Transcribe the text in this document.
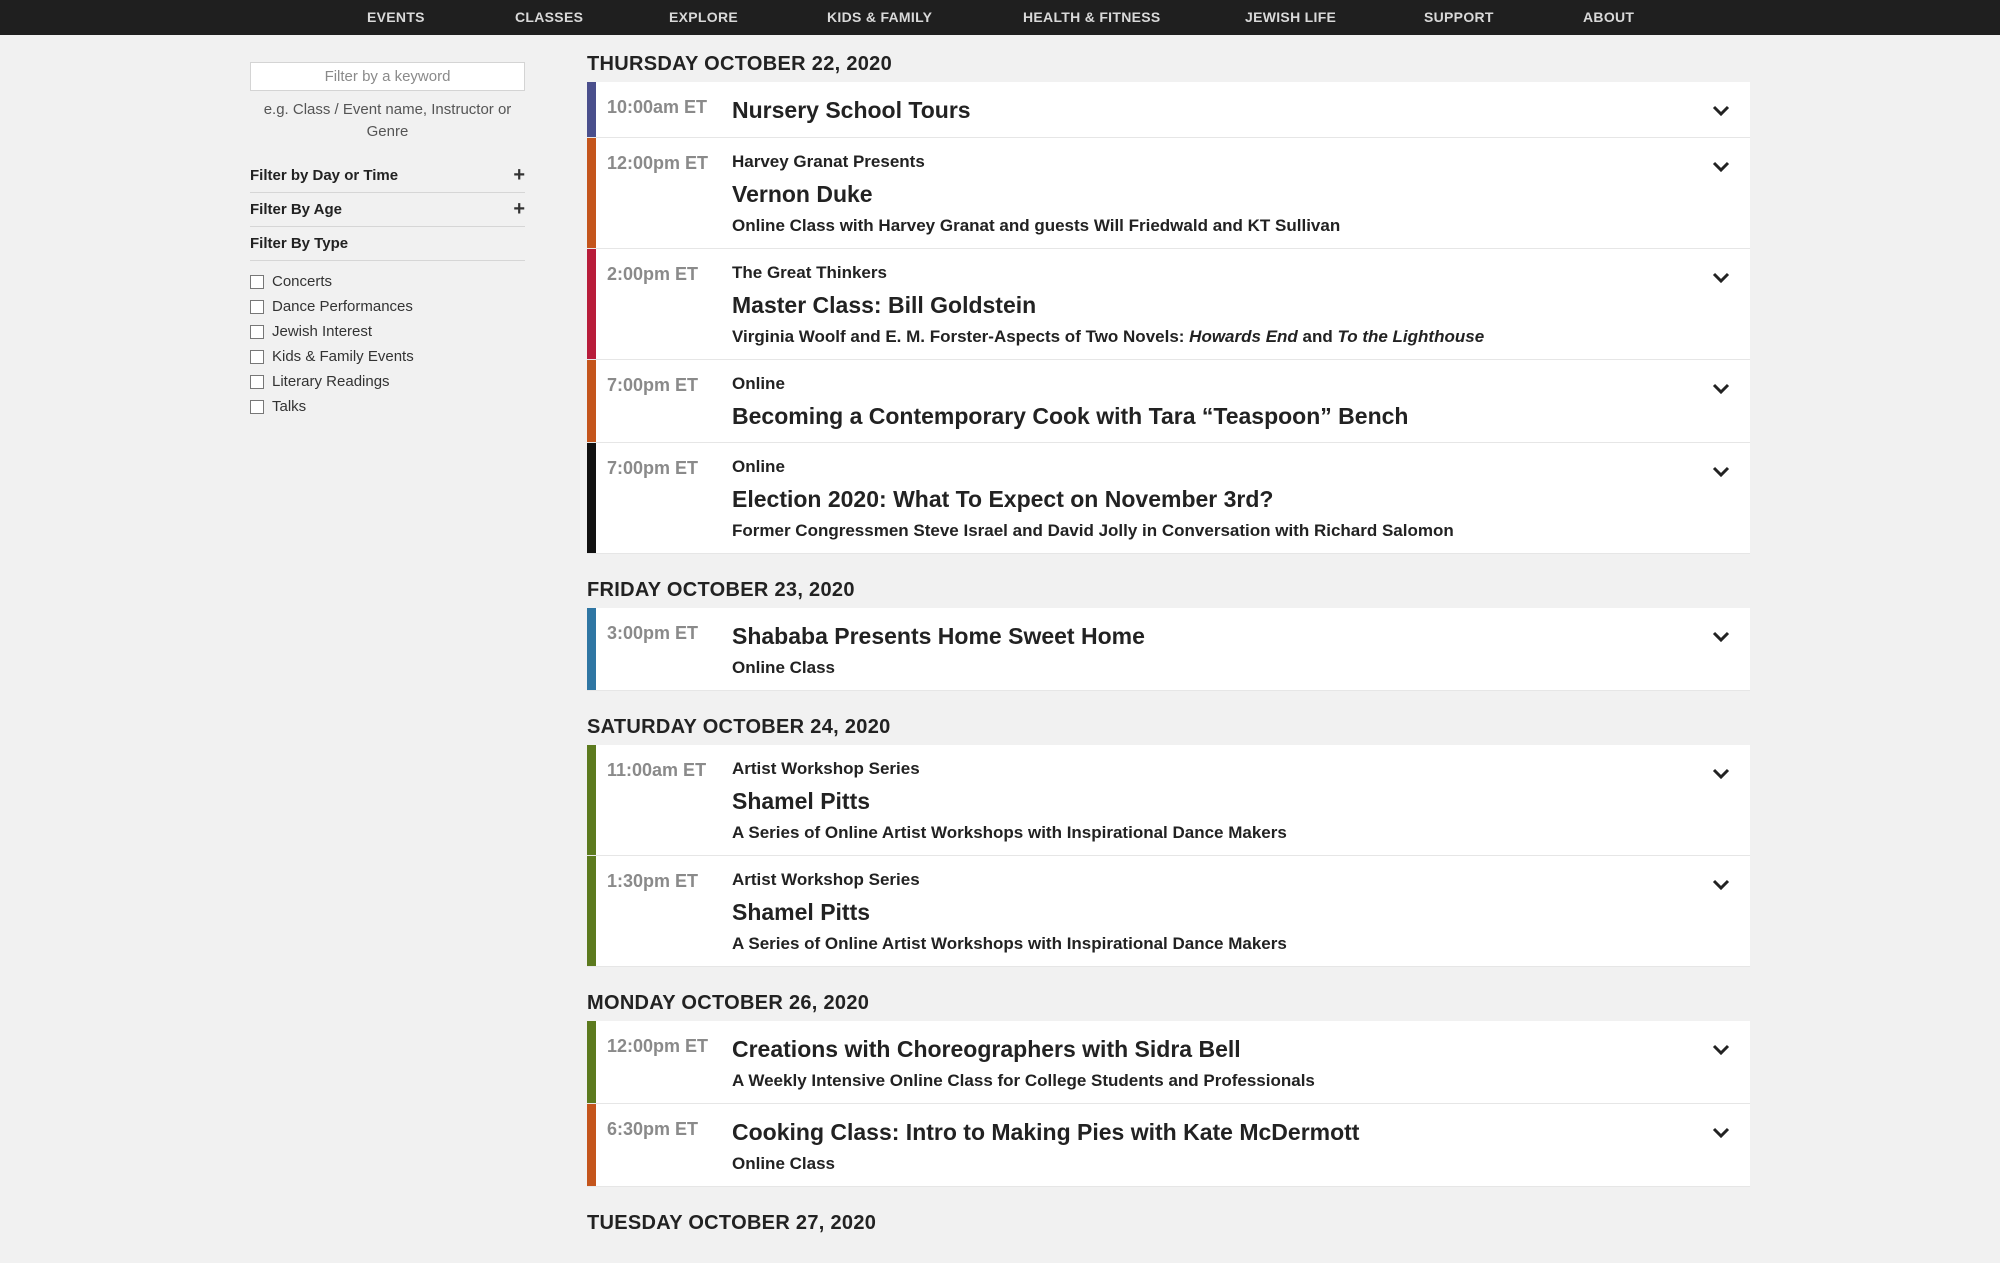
EVENTS	CLASSES	EXPLORE	KIDS & FAMILY	HEALTH & FITNESS	JEWISH LIFE	SUPPORT	ABOUT
Filter by a keyword
e.g. Class / Event name, Instructor or Genre
Filter by Day or Time	+
Filter By Age	+
Filter By Type
Concerts
Dance Performances
Jewish Interest
Kids & Family Events
Literary Readings
Talks
THURSDAY OCTOBER 22, 2020
10:00am ET Nursery School Tours
12:00pm ET Harvey Granat Presents
Vernon Duke
Online Class with Harvey Granat and guests Will Friedwald and KT Sullivan
2:00pm ET The Great Thinkers
Master Class: Bill Goldstein
Virginia Woolf and E. M. Forster-Aspects of Two Novels: Howards End and To the Lighthouse
7:00pm ET Online
Becoming a Contemporary Cook with Tara “Teaspoon” Bench
7:00pm ET Online
Election 2020: What To Expect on November 3rd?
Former Congressmen Steve Israel and David Jolly in Conversation with Richard Salomon
FRIDAY OCTOBER 23, 2020
3:00pm ET Shababa Presents Home Sweet Home
Online Class
SATURDAY OCTOBER 24, 2020
11:00am ET Artist Workshop Series
Shamel Pitts
A Series of Online Artist Workshops with Inspirational Dance Makers
1:30pm ET Artist Workshop Series
Shamel Pitts
A Series of Online Artist Workshops with Inspirational Dance Makers
MONDAY OCTOBER 26, 2020
12:00pm ET Creations with Choreographers with Sidra Bell
A Weekly Intensive Online Class for College Students and Professionals
6:30pm ET Cooking Class: Intro to Making Pies with Kate McDermott
Online Class
TUESDAY OCTOBER 27, 2020
